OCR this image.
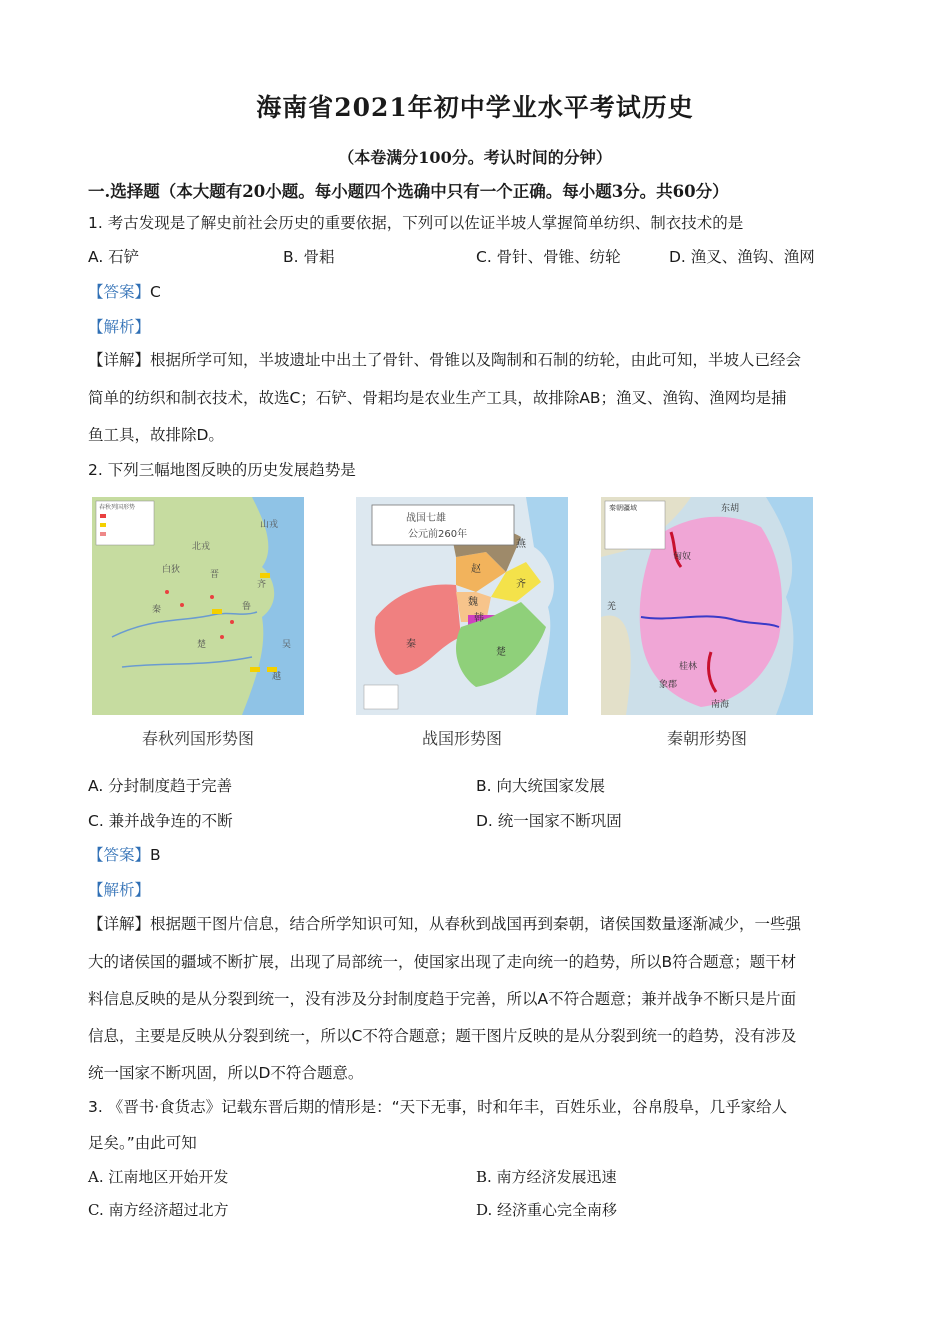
海南省2021年初中学业水平考试历史
（本卷满分100分。考认时间的分钟）
一.选择题（本大题有20小题。每小题四个选确中只有一个正确。每小题3分。共60分）
1. 考古发现是了解史前社会历史的重要依据，下列可以佐证半坡人掌握简单纺织、制衣技术的是
A. 石铲	B. 骨耜	C. 骨针、骨锥、纺轮	D. 渔叉、渔钩、渔网
【答案】C
【解析】
【详解】根据所学可知，半坡遗址中出土了骨针、骨锥以及陶制和石制的纺轮，由此可知，半坡人已经会
简单的纺织和制衣技术，故选C；石铲、骨耜均是农业生产工具，故排除AB；渔叉、渔钩、渔网均是捕
鱼工具，故排除D。
2. 下列三幅地图反映的历史发展趋势是
春秋列国形势
山戎
北戎
白狄	晋
秦
楚
齐
鲁
吴
越
春秋列国形势图
战国七雄
公元前260年
燕
赵
齐
魏
韩
秦
楚
战国形势图
秦朝疆域	东胡
匈奴
羌
南海
象郡
桂林
秦朝形势图
A. 分封制度趋于完善	B. 向大统国家发展
C. 兼并战争连的不断	D. 统一国家不断巩固
【答案】B
【解析】
【详解】根据题干图片信息，结合所学知识可知，从春秋到战国再到秦朝，诸侯国数量逐渐减少，一些强
大的诸侯国的疆域不断扩展，出现了局部统一，使国家出现了走向统一的趋势，所以B符合题意；题干材
料信息反映的是从分裂到统一，没有涉及分封制度趋于完善，所以A不符合题意；兼并战争不断只是片面
信息，主要是反映从分裂到统一，所以C不符合题意；题干图片反映的是从分裂到统一的趋势，没有涉及
统一国家不断巩固，所以D不符合题意。
3. 《晋书·食货志》记载东晋后期的情形是：“天下无事，时和年丰，百姓乐业，谷帛殷阜，几乎家给人
足矣。”由此可知
A. 江南地区开始开发	B. 南方经济发展迅速
C. 南方经济超过北方	D. 经济重心完全南移
